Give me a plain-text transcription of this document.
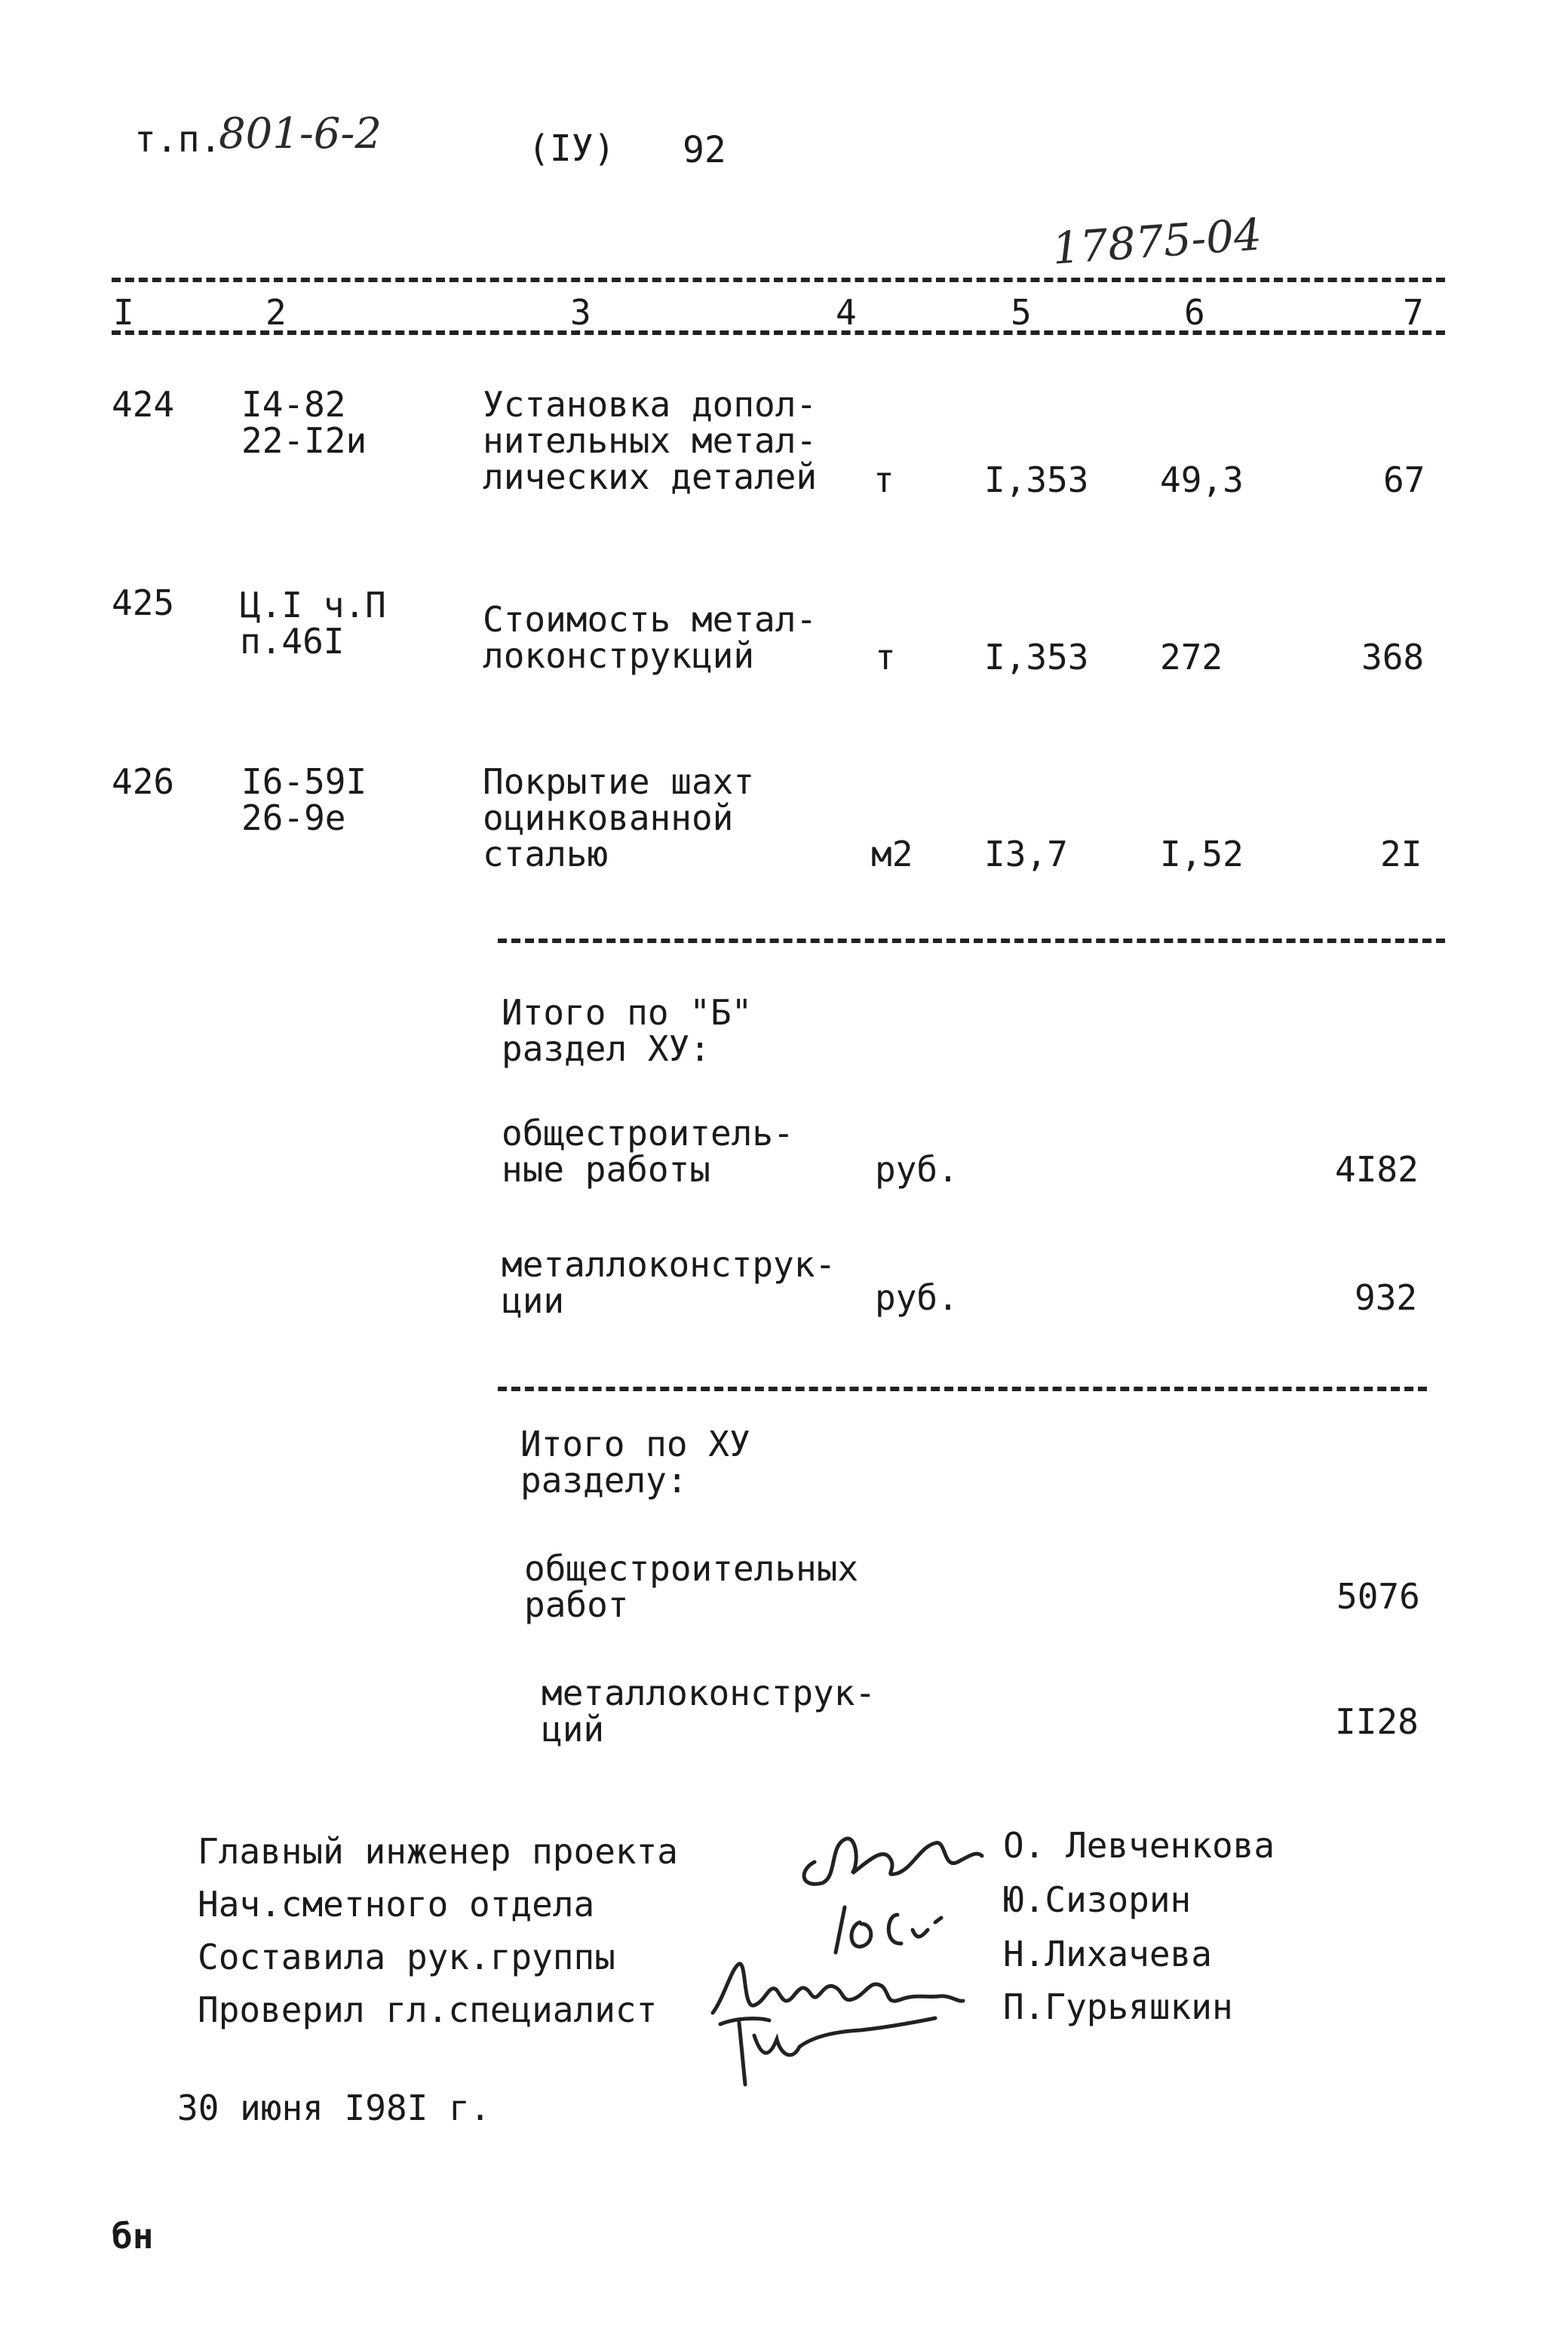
т.п.
801-6-2	(IУ) 92
17875-04
I	2	3	4	5	6	7
424 I4-82
22-I2и
Установка допол-
нительных метал-
лических деталей т	I,353 49,3	67
425 Ц.I ч.П
п.46I
Стоимость метал-
локонструкций	т	I,353 272	368
426 I6-59I
26-9е
Покрытие шахт
оцинкованной
сталью	м2 I3,7	I,52	2I
Итого по "Б"
раздел XУ:
общестроитель-
ные работы	руб.	4I82
металлоконструк-
ции	руб.	932
Итого по XУ
разделу:
общестроительных
работ	5076
металлоконструк-
ций	II28
Главный инженер проекта	О. Левченкова
Нач.сметного отдела	Ю.Сизорин
Составила рук.группы	Н.Лихачева
Проверил гл.специалист	П.Гурьяшкин

30 июня I98I г.
бн
